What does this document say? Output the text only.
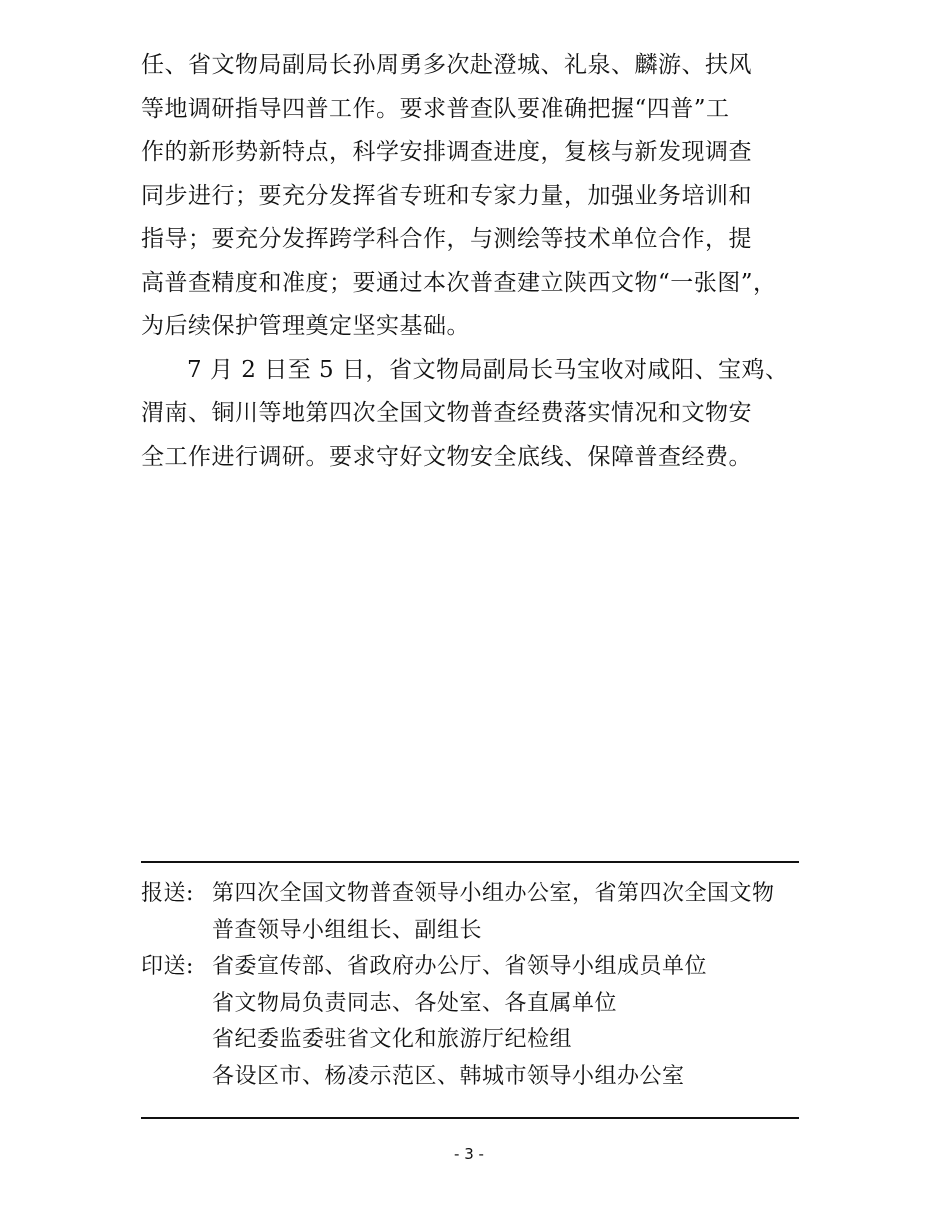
任、省文物局副局长孙周勇多次赴澄城、礼泉、麟游、扶风
等地调研指导四普工作。要求普查队要准确把握“四普”工
作的新形势新特点，科学安排调查进度，复核与新发现调查
同步进行；要充分发挥省专班和专家力量，加强业务培训和
指导；要充分发挥跨学科合作，与测绘等技术单位合作，提
高普查精度和准度；要通过本次普查建立陕西文物“一张图”，
为后续保护管理奠定坚实基础。
7 月 2 日至 5 日，省文物局副局长马宝收对咸阳、宝鸡、
渭南、铜川等地第四次全国文物普查经费落实情况和文物安
全工作进行调研。要求守好文物安全底线、保障普查经费。
报送: 第四次全国文物普查领导小组办公室，省第四次全国文物
普查领导小组组长、副组长
印送: 省委宣传部、省政府办公厅、省领导小组成员单位
省文物局负责同志、各处室、各直属单位
省纪委监委驻省文化和旅游厅纪检组
各设区市、杨凌示范区、韩城市领导小组办公室
- 3 -
